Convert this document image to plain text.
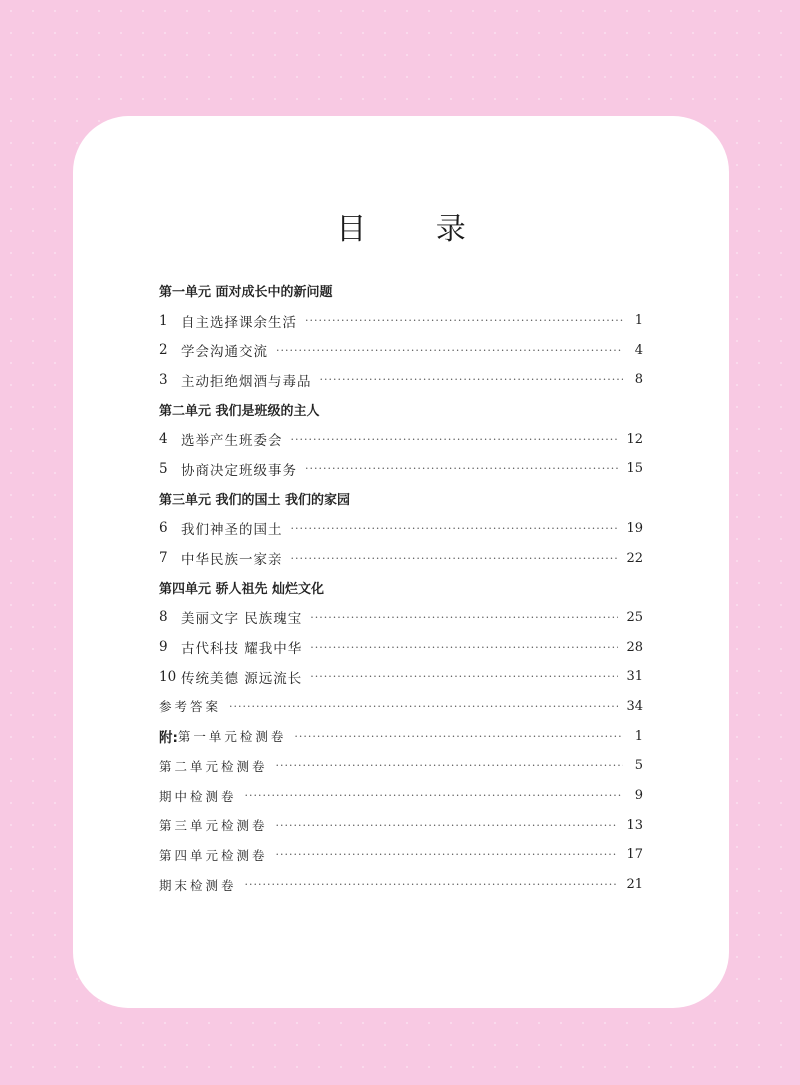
目 录
第一单元 面对成长中的新问题
1 自主选择课余生活 ·····	1
2 学会沟通交流 ·····	4
3 主动拒绝烟酒与毒品 ·····	8
第二单元 我们是班级的主人
4 选举产生班委会 ·····	12
5 协商决定班级事务 ·····	15
第三单元 我们的国土 我们的家园
6 我们神圣的国土 ·····	19
7 中华民族一家亲 ·····	22
第四单元 骄人祖先 灿烂文化
8 美丽文字 民族瑰宝 ·····	25
9 古代科技 耀我中华 ·····	28
10 传统美德 源远流长 ·····	31
参考答案 ·····	34
附: 第一单元检测卷 ·····	1
第二单元检测卷 ·····	5
期中检测卷 ·····	9
第三单元检测卷 ·····	13
第四单元检测卷 ·····	17
期末检测卷 ·····	21
